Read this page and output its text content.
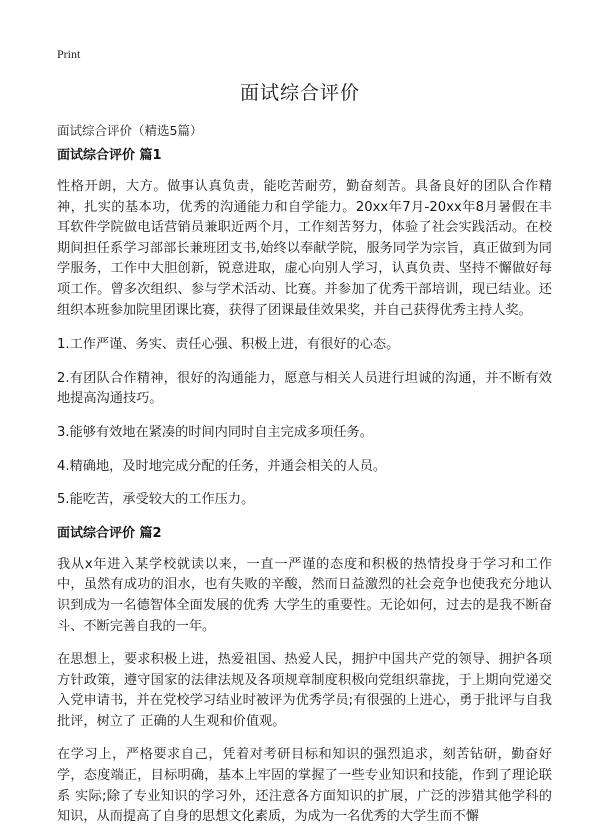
Print
面试综合评价
面试综合评价（精选5篇）
面试综合评价 篇1

性格开朗，大方。做事认真负责，能吃苦耐劳，勤奋刻苦。具备良好的团队合作精神，扎实的基本功，优秀的沟通能力和自学能力。20xx年7月-20xx年8月暑假在丰耳软件学院做电话营销员兼职近两个月，工作刻苦努力，体验了社会实践活动。在校期间担任系学习部部长兼班团支书,始终以奉献学院，服务同学为宗旨，真正做到为同学服务，工作中大胆创新，锐意进取，虚心向别人学习，认真负责、坚持不懈做好每项工作。曾多次组织、参与学术活动、比赛。并参加了优秀干部培训，现已结业。还组织本班参加院里团课比赛，获得了团课最佳效果奖，并自己获得优秀主持人奖。

1.工作严谨、务实、责任心强、积极上进，有很好的心态。

2.有团队合作精神，很好的沟通能力，愿意与相关人员进行坦诚的沟通，并不断有效地提高沟通技巧。

3.能够有效地在紧凑的时间内同时自主完成多项任务。

4.精确地，及时地完成分配的任务，并通会相关的人员。

5.能吃苦，承受较大的工作压力。

面试综合评价 篇2

我从x年进入某学校就读以来，一直一严谨的态度和积极的热情投身于学习和工作中，虽然有成功的泪水，也有失败的辛酸，然而日益激烈的社会竞争也使我充分地认识到成为一名德智体全面发展的优秀 大学生的重要性。无论如何，过去的是我不断奋斗、不断完善自我的一年。

在思想上，要求积极上进，热爱祖国、热爱人民，拥护中国共产党的领导、拥护各项方针政策，遵守国家的法律法规及各项规章制度积极向党组织靠拢，于上期向党递交入党申请书，并在党校学习结业时被评为优秀学员;有很强的上进心，勇于批评与自我批评，树立了 正确的人生观和价值观。

在学习上，严格要求自己，凭着对考研目标和知识的强烈追求，刻苦钻研，勤奋好学，态度端正，目标明确，基本上牢固的掌握了一些专业知识和技能，作到了理论联系 实际;除了专业知识的学习外，还注意各方面知识的扩展，广泛的涉猎其他学科的 知识，从而提高了自身的思想文化素质，为成为一名优秀的大学生而不懈
